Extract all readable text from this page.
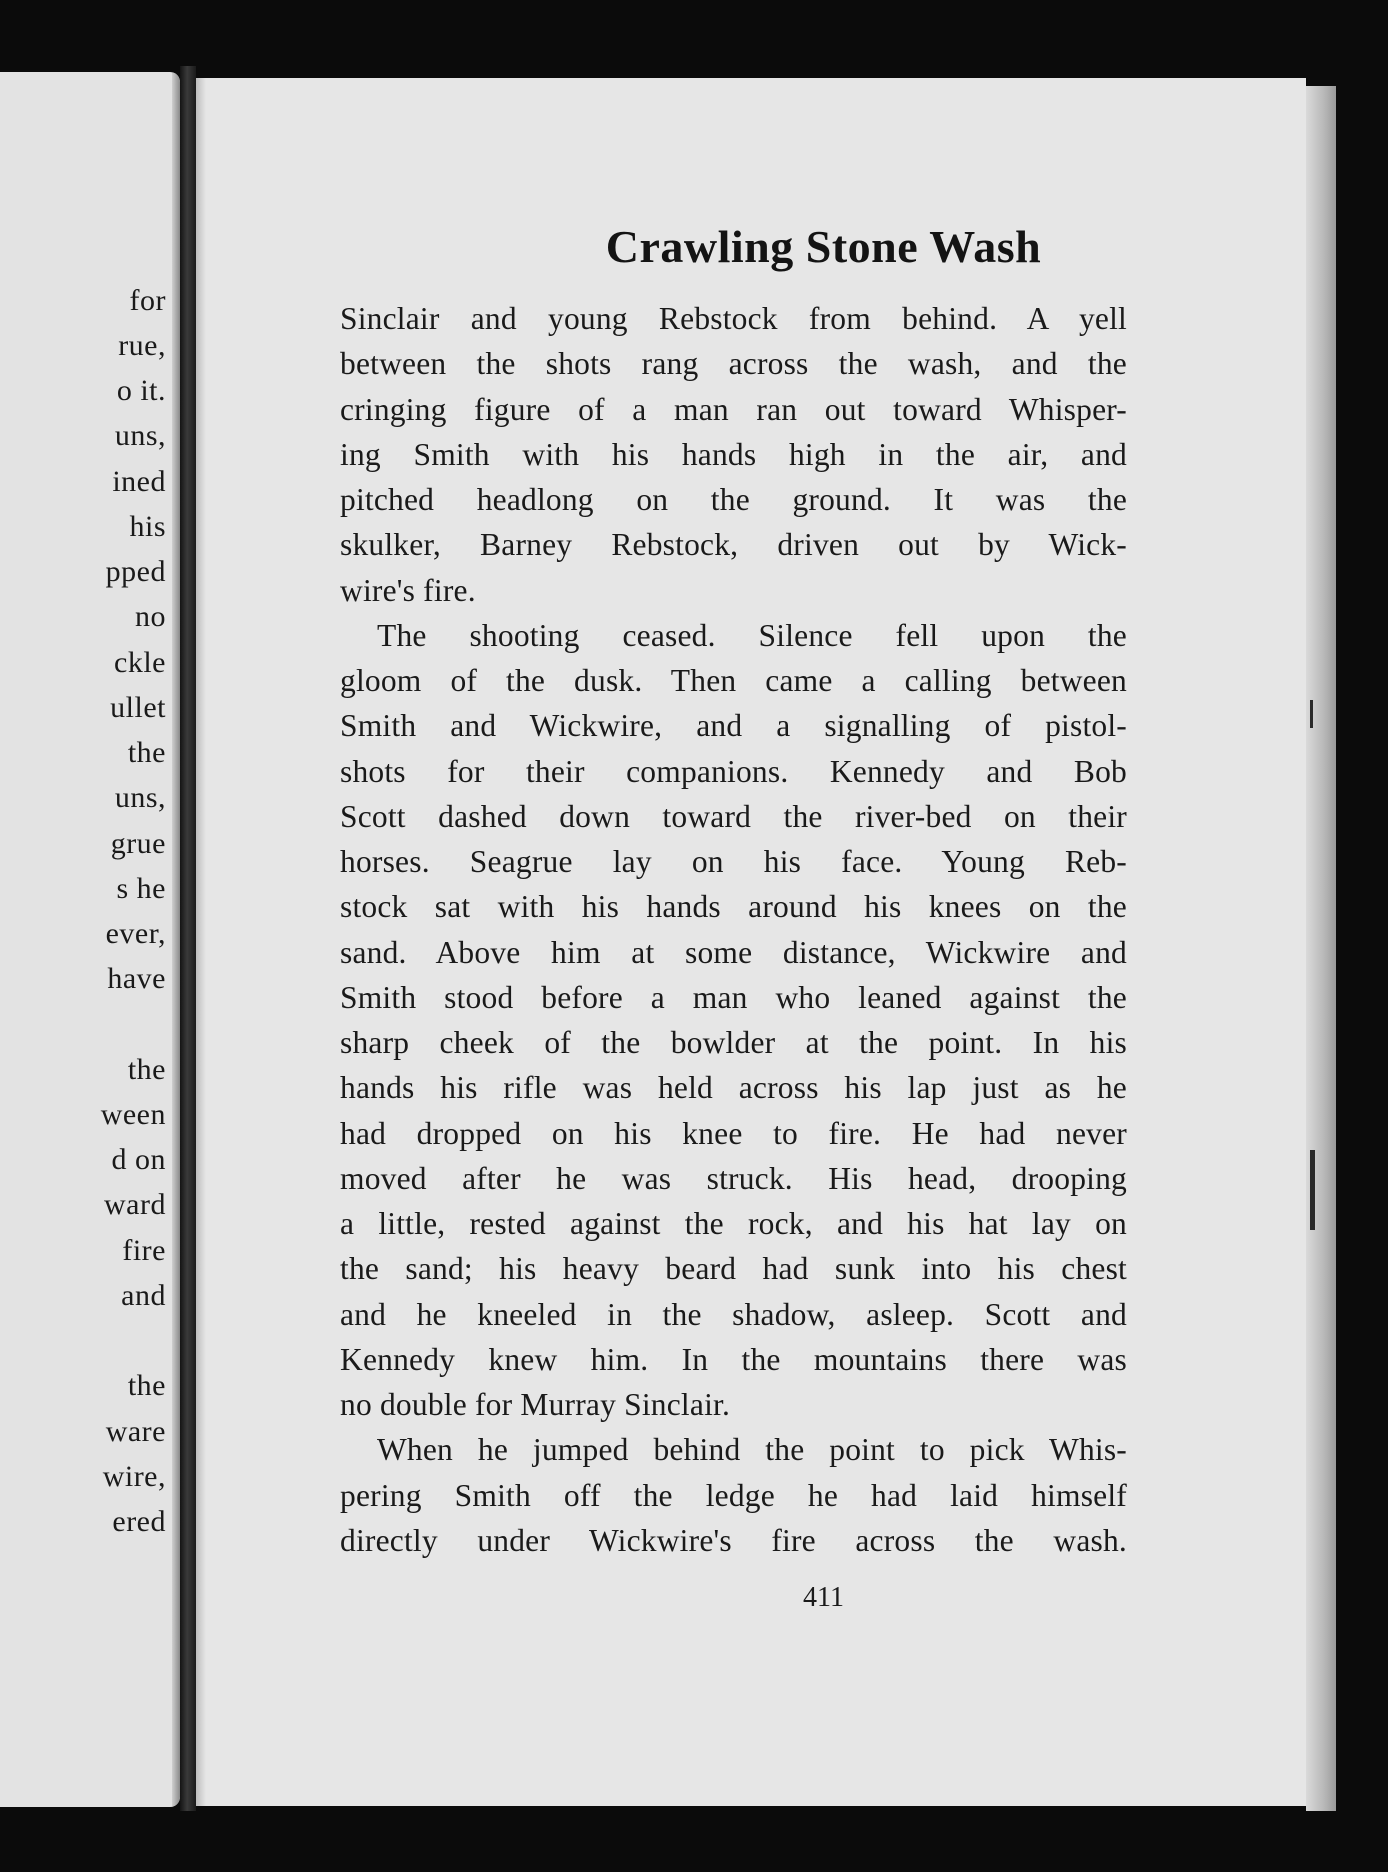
for
rue,
o it.
uns,
ined
his
pped
no
ckle
ullet
the
uns,
grue
s he
ever,
have
the
ween
d on
ward
fire
and
the
ware
wire,
ered
Crawling Stone Wash
Sinclair and young Rebstock from behind. A yell
between the shots rang across the wash, and the
cringing figure of a man ran out toward Whisper-
ing Smith with his hands high in the air, and
pitched headlong on the ground. It was the
skulker, Barney Rebstock, driven out by Wick-
wire's fire.
The shooting ceased. Silence fell upon the
gloom of the dusk. Then came a calling between
Smith and Wickwire, and a signalling of pistol-
shots for their companions. Kennedy and Bob
Scott dashed down toward the river-bed on their
horses. Seagrue lay on his face. Young Reb-
stock sat with his hands around his knees on the
sand. Above him at some distance, Wickwire and
Smith stood before a man who leaned against the
sharp cheek of the bowlder at the point. In his
hands his rifle was held across his lap just as he
had dropped on his knee to fire. He had never
moved after he was struck. His head, drooping
a little, rested against the rock, and his hat lay on
the sand; his heavy beard had sunk into his chest
and he kneeled in the shadow, asleep. Scott and
Kennedy knew him. In the mountains there was
no double for Murray Sinclair.
When he jumped behind the point to pick Whis-
pering Smith off the ledge he had laid himself
directly under Wickwire's fire across the wash.
411
